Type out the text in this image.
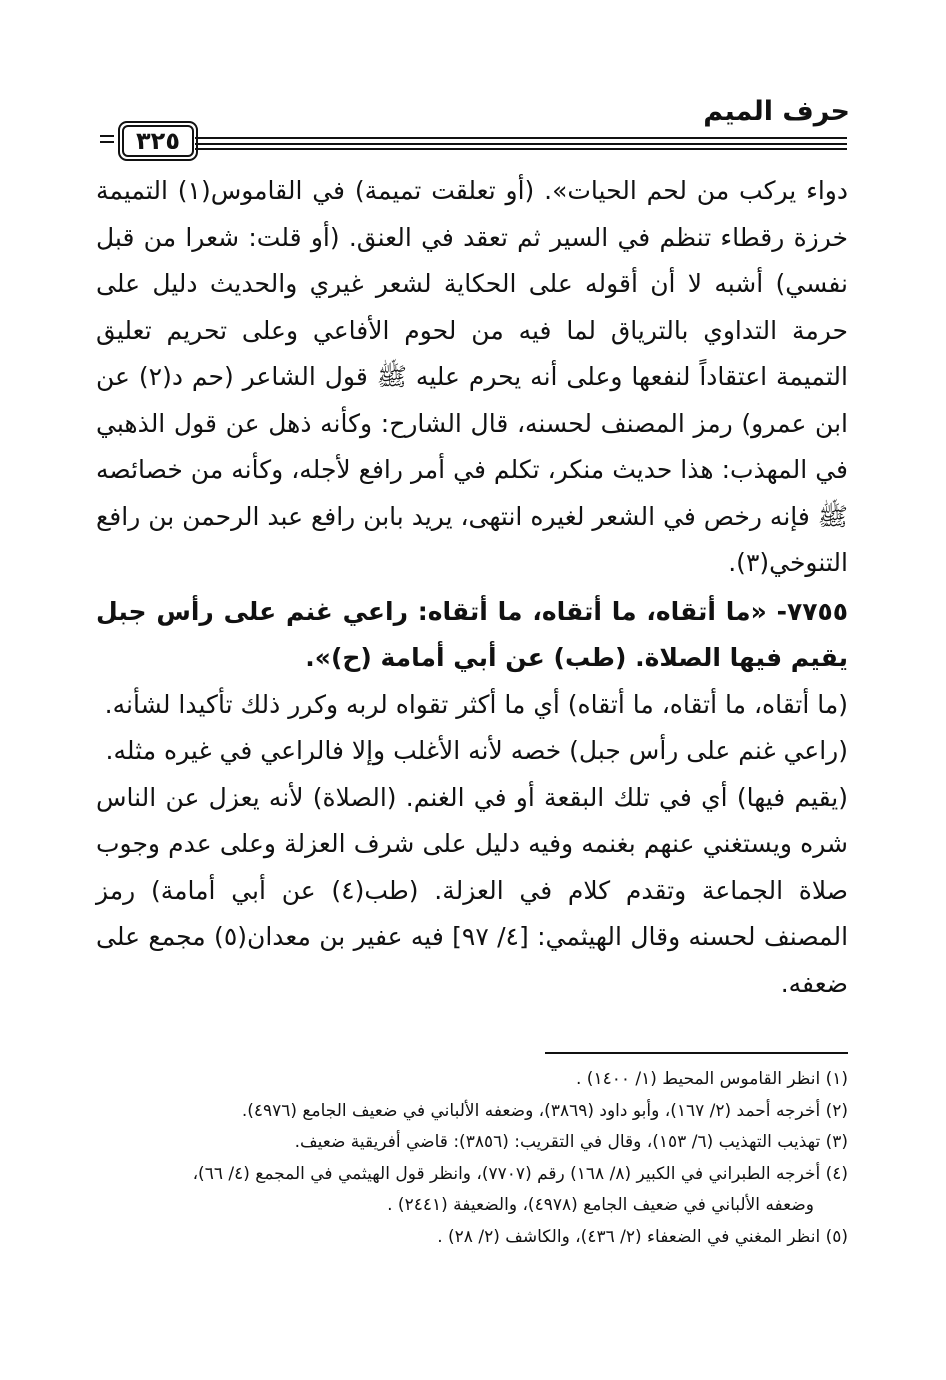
حرف الميم
٣٢٥

دواء يركب من لحم الحيات». (أو تعلقت تميمة) في القاموس(١) التميمة خرزة رقطاء تنظم في السير ثم تعقد في العنق. (أو قلت: شعرا من قبل نفسي) أشبه لا أن أقوله على الحكاية لشعر غيري والحديث دليل على حرمة التداوي بالترياق لما فيه من لحوم الأفاعي وعلى تحريم تعليق التميمة اعتقاداً لنفعها وعلى أنه يحرم عليه ﷺ قول الشاعر (حم د(٢) عن ابن عمرو) رمز المصنف لحسنه، قال الشارح: وكأنه ذهل عن قول الذهبي في المهذب: هذا حديث منكر، تكلم في أمر رافع لأجله، وكأنه من خصائصه ﷺ فإنه رخص في الشعر لغيره انتهى، يريد بابن رافع عبد الرحمن بن رافع التنوخي(٣).

٧٧٥٥- «ما أتقاه، ما أتقاه، ما أتقاه: راعي غنم على رأس جبل يقيم فيها الصلاة. (طب) عن أبي أمامة (ح)».

(ما أتقاه، ما أتقاه، ما أتقاه) أي ما أكثر تقواه لربه وكرر ذلك تأكيدا لشأنه.

(راعي غنم على رأس جبل) خصه لأنه الأغلب وإلا فالراعي في غيره مثله.

(يقيم فيها) أي في تلك البقعة أو في الغنم. (الصلاة) لأنه يعزل عن الناس شره ويستغني عنهم بغنمه وفيه دليل على شرف العزلة وعلى عدم وجوب صلاة الجماعة وتقدم كلام في العزلة. (طب(٤) عن أبي أمامة) رمز المصنف لحسنه وقال الهيثمي: [٤/ ٩٧] فيه عفير بن معدان(٥) مجمع على ضعفه.

(١) انظر القاموس المحيط (١/ ١٤٠٠) .

(٢) أخرجه أحمد (٢/ ١٦٧)، وأبو داود (٣٨٦٩)، وضعفه الألباني في ضعيف الجامع (٤٩٧٦).

(٣) تهذيب التهذيب (٦/ ١٥٣)، وقال في التقريب: (٣٨٥٦): قاضي أفريقية ضعيف.

(٤) أخرجه الطبراني في الكبير (٨/ ١٦٨) رقم (٧٧٠٧)، وانظر قول الهيثمي في المجمع (٤/ ٦٦)،

وضعفه الألباني في ضعيف الجامع (٤٩٧٨)، والضعيفة (٢٤٤١) .

(٥) انظر المغني في الضعفاء (٢/ ٤٣٦)، والكاشف (٢/ ٢٨) .
